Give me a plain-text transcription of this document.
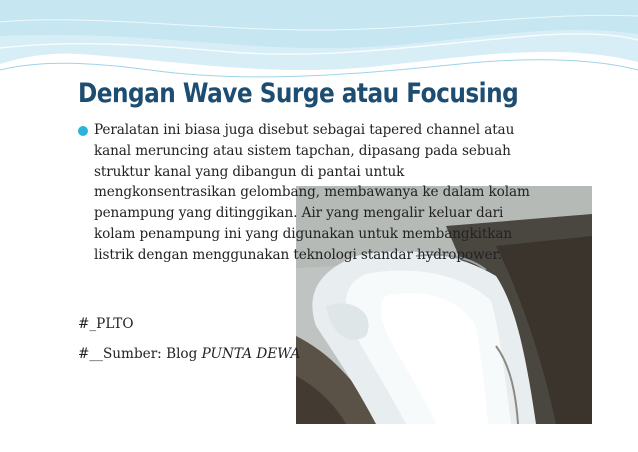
Dengan Wave Surge atau Focusing

Peralatan ini biasa juga disebut sebagai tapered channel atau kanal meruncing atau sistem tapchan, dipasang pada sebuah struktur kanal yang dibangun di pantai untuk mengkonsentrasikan gelombang, membawanya ke dalam kolam penampung yang ditinggikan. Air yang mengalir keluar dari kolam penampung ini yang digunakan untuk membangkitkan listrik dengan menggunakan teknologi standar hydropower.

#_PLTO

#__Sumber: Blog PUNTA DEWA
